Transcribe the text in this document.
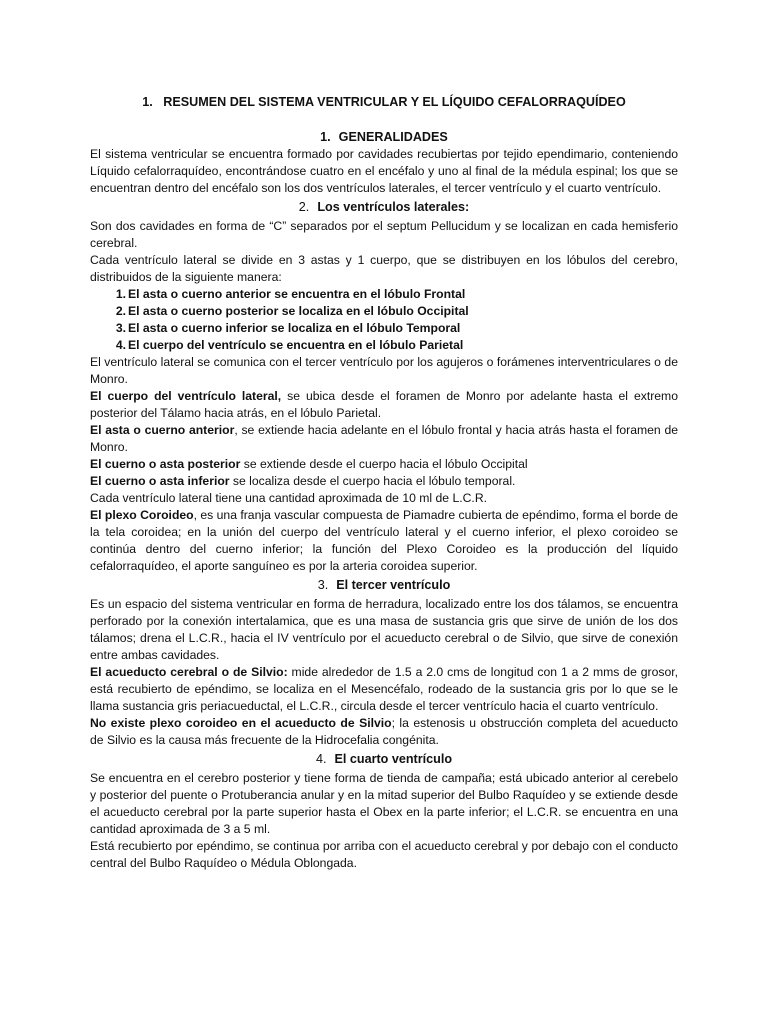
1.   RESUMEN DEL SISTEMA VENTRICULAR Y EL LÍQUIDO CEFALORRAQUÍDEO
1. GENERALIDADES

El sistema ventricular se encuentra formado por cavidades recubiertas por tejido ependimario, conteniendo Líquido cefalorraquídeo, encontrándose cuatro en el encéfalo y uno al final de la médula espinal; los que se encuentran dentro del encéfalo son los dos ventrículos laterales, el tercer ventrículo y el cuarto ventrículo.

2. Los ventrículos laterales:

Son dos cavidades en forma de “C” separados por el septum Pellucidum y se localizan en cada hemisferio cerebral.

Cada ventrículo lateral se divide en 3 astas y 1 cuerpo, que se distribuyen en los lóbulos del cerebro, distribuidos de la siguiente manera:

1. El asta o cuerno anterior se encuentra en el lóbulo Frontal
2. El asta o cuerno posterior se localiza en el lóbulo Occipital
3. El asta o cuerno inferior se localiza en el lóbulo Temporal
4. El cuerpo del ventrículo se encuentra en el lóbulo Parietal

El ventrículo lateral se comunica con el tercer ventrículo por los agujeros o forámenes interventriculares o de Monro.

El cuerpo del ventrículo lateral, se ubica desde el foramen de Monro por adelante hasta el extremo posterior del Tálamo hacia atrás, en el lóbulo Parietal.

El asta o cuerno anterior, se extiende hacia adelante en el lóbulo frontal y hacia atrás hasta el foramen de Monro.

El cuerno o asta posterior se extiende desde el cuerpo hacia el lóbulo Occipital

El cuerno o asta inferior se localiza desde el cuerpo hacia el lóbulo temporal.

Cada ventrículo lateral tiene una cantidad aproximada de 10 ml de L.C.R.

El plexo Coroideo, es una franja vascular compuesta de Piamadre cubierta de epéndimo, forma el borde de la tela coroidea; en la unión del cuerpo del ventrículo lateral y el cuerno inferior, el plexo coroideo se continúa dentro del cuerno inferior; la función del Plexo Coroideo es la producción del líquido cefalorraquídeo, el aporte sanguíneo es por la arteria coroidea superior.

3. El tercer ventrículo

Es un espacio del sistema ventricular en forma de herradura, localizado entre los dos tálamos, se encuentra perforado por la conexión intertalamica, que es una masa de sustancia gris que sirve de unión de los dos tálamos; drena el L.C.R., hacia el IV ventrículo por el acueducto cerebral o de Silvio, que sirve de conexión entre ambas cavidades.

El acueducto cerebral o de Silvio: mide alrededor de 1.5 a 2.0 cms de longitud con 1 a 2 mms de grosor, está recubierto de epéndimo, se localiza en el Mesencéfalo, rodeado de la sustancia gris por lo que se le llama sustancia gris periacueductal, el L.C.R., circula desde el tercer ventrículo hacia el cuarto ventrículo.

No existe plexo coroideo en el acueducto de Silvio; la estenosis u obstrucción completa del acueducto de Silvio es la causa más frecuente de la Hidrocefalia congénita.

4. El cuarto ventrículo

Se encuentra en el cerebro posterior y tiene forma de tienda de campaña; está ubicado anterior al cerebelo y posterior del puente o Protuberancia anular y en la mitad superior del Bulbo Raquídeo y se extiende desde el acueducto cerebral por la parte superior hasta el Obex en la parte inferior; el L.C.R. se encuentra en una cantidad aproximada de 3 a 5 ml.

Está recubierto por epéndimo, se continua por arriba con el acueducto cerebral y por debajo con el conducto central del Bulbo Raquídeo o Médula Oblongada.
